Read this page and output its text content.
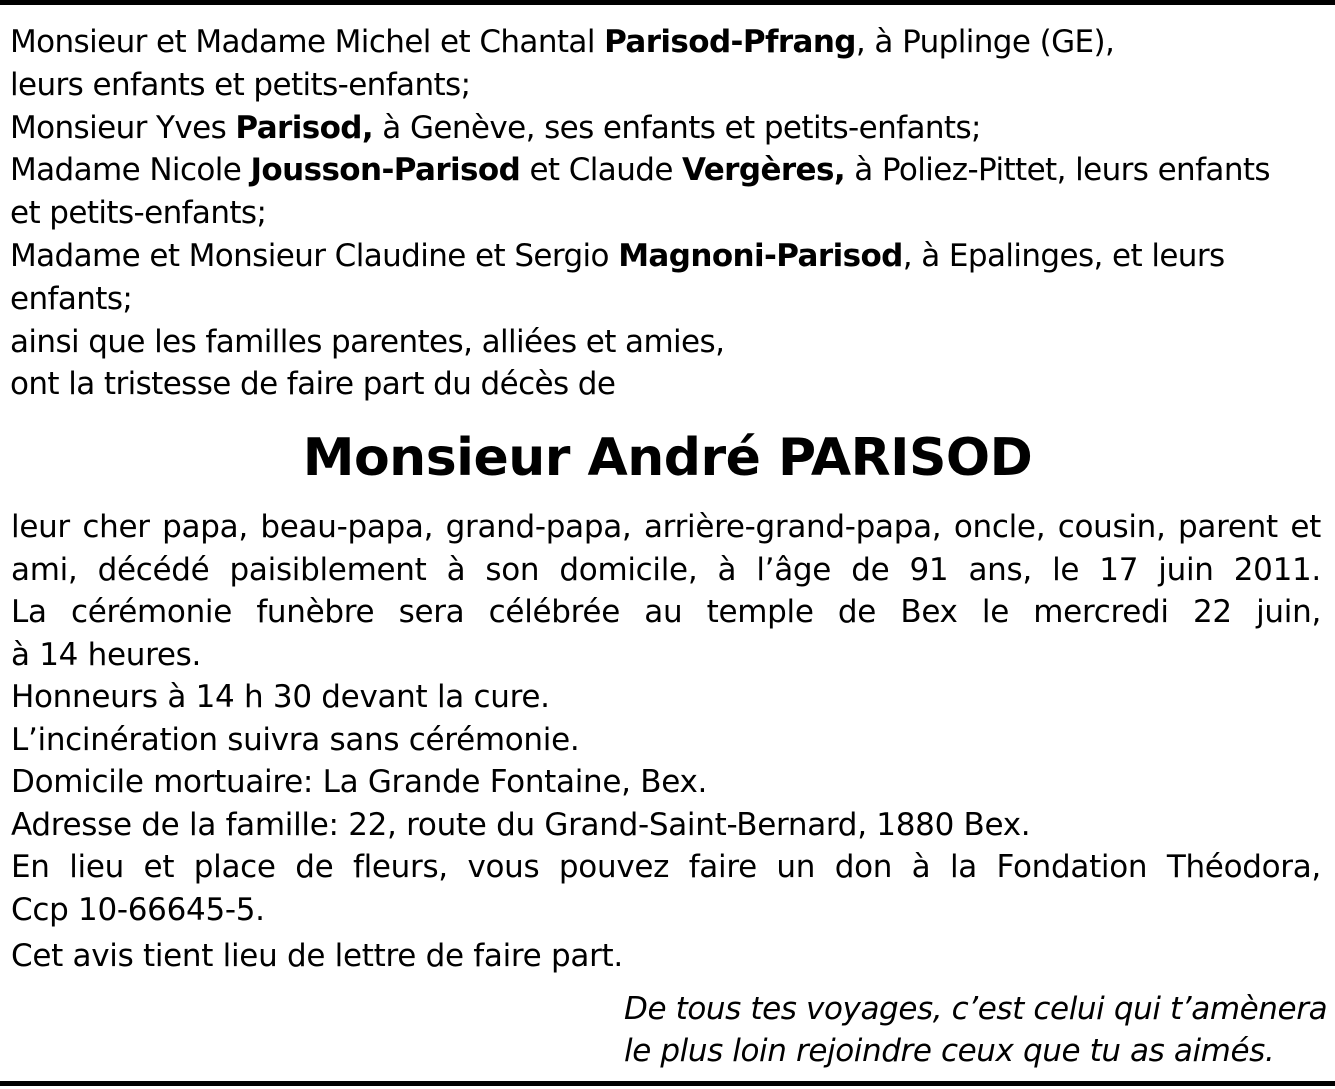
Monsieur et Madame Michel et Chantal Parisod-Pfrang, à Puplinge (GE),
leurs enfants et petits-enfants;
Monsieur Yves Parisod, à Genève, ses enfants et petits-enfants;
Madame Nicole Jousson-Parisod et Claude Vergères, à Poliez-Pittet, leurs enfants
et petits-enfants;
Madame et Monsieur Claudine et Sergio Magnoni-Parisod, à Epalinges, et leurs
enfants;
ainsi que les familles parentes, alliées et amies,
ont la tristesse de faire part du décès de
Monsieur André PARISOD
leur cher papa, beau-papa, grand-papa, arrière-grand-papa, oncle, cousin, parent et
ami, décédé paisiblement à son domicile, à l’âge de 91 ans, le 17 juin 2011.
La cérémonie funèbre sera célébrée au temple de Bex le mercredi 22 juin,
à 14 heures.
Honneurs à 14 h 30 devant la cure.
L’incinération suivra sans cérémonie.
Domicile mortuaire: La Grande Fontaine, Bex.
Adresse de la famille: 22, route du Grand-Saint-Bernard, 1880 Bex.
En lieu et place de fleurs, vous pouvez faire un don à la Fondation Théodora,
Ccp 10-66645-5.
Cet avis tient lieu de lettre de faire part.
De tous tes voyages, c’est celui qui t’amènera
le plus loin rejoindre ceux que tu as aimés.
